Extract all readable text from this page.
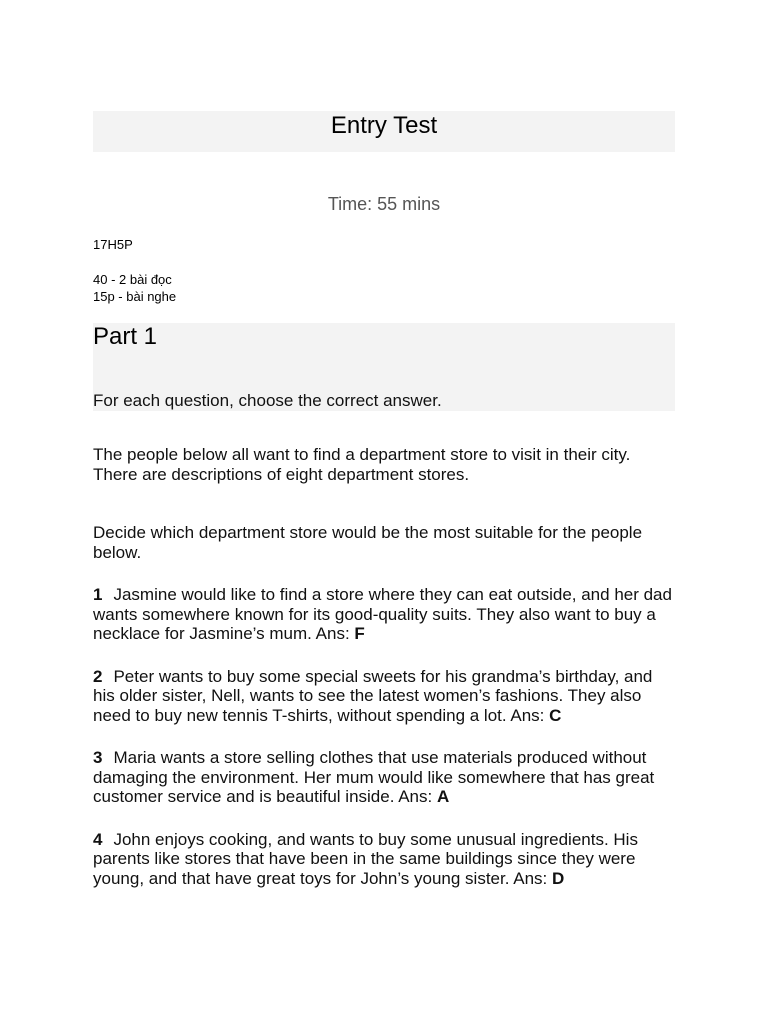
Entry Test
Time: 55 mins
17H5P
40 - 2 bài đọc
15p - bài nghe
Part 1
For each question, choose the correct answer.
The people below all want to find a department store to visit in their city. There are descriptions of eight department stores.
Decide which department store would be the most suitable for the people below.
1 Jasmine would like to find a store where they can eat outside, and her dad wants somewhere known for its good-quality suits. They also want to buy a necklace for Jasmine’s mum. Ans: F
2 Peter wants to buy some special sweets for his grandma’s birthday, and his older sister, Nell, wants to see the latest women’s fashions. They also need to buy new tennis T-shirts, without spending a lot. Ans: C
3 Maria wants a store selling clothes that use materials produced without damaging the environment. Her mum would like somewhere that has great customer service and is beautiful inside. Ans: A
4 John enjoys cooking, and wants to buy some unusual ingredients. His parents like stores that have been in the same buildings since they were young, and that have great toys for John’s young sister. Ans: D
